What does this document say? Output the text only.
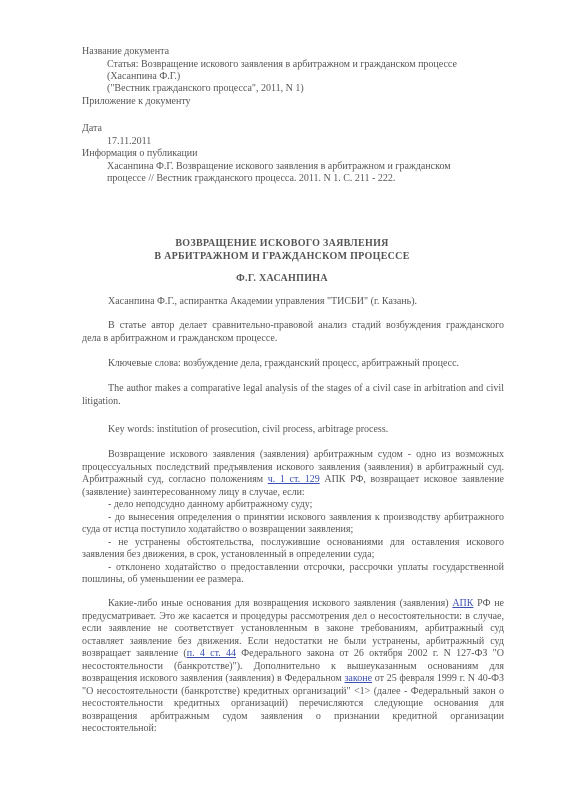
Название документа
Статья: Возвращение искового заявления в арбитражном и гражданском процессе
(Хасанпина Ф.Г.)
("Вестник гражданского процесса", 2011, N 1)
Приложение к документу
Дата
17.11.2011
Информация о публикации
Хасанпина Ф.Г. Возвращение искового заявления в арбитражном и гражданском
процессе // Вестник гражданского процесса. 2011. N 1. С. 211 - 222.
ВОЗВРАЩЕНИЕ ИСКОВОГО ЗАЯВЛЕНИЯ
В АРБИТРАЖНОМ И ГРАЖДАНСКОМ ПРОЦЕССЕ
Ф.Г. ХАСАНПИНА
Хасанпина Ф.Г., аспирантка Академии управления "ТИСБИ" (г. Казань).

В статье автор делает сравнительно-правовой анализ стадий возбуждения гражданского дела в арбитражном и гражданском процессе.

Ключевые слова: возбуждение дела, гражданский процесс, арбитражный процесс.

The author makes a comparative legal analysis of the stages of a civil case in arbitration and civil litigation.

Key words: institution of prosecution, civil process, arbitrage process.

Возвращение искового заявления (заявления) арбитражным судом - одно из возможных процессуальных последствий предъявления искового заявления (заявления) в арбитражный суд. Арбитражный суд, согласно положениям ч. 1 ст. 129 АПК РФ, возвращает исковое заявление (заявление) заинтересованному лицу в случае, если:

- дело неподсудно данному арбитражному суду;

- до вынесения определения о принятии искового заявления к производству арбитражного суда от истца поступило ходатайство о возвращении заявления;

- не устранены обстоятельства, послужившие основаниями для оставления искового заявления без движения, в срок, установленный в определении суда;

- отклонено ходатайство о предоставлении отсрочки, рассрочки уплаты государственной пошлины, об уменьшении ее размера.

Какие-либо иные основания для возвращения искового заявления (заявления) АПК РФ не предусматривает. Это же касается и процедуры рассмотрения дел о несостоятельности: в случае, если заявление не соответствует установленным в законе требованиям, арбитражный суд оставляет заявление без движения. Если недостатки не были устранены, арбитражный суд возвращает заявление (п. 4 ст. 44 Федерального закона от 26 октября 2002 г. N 127-ФЗ "О несостоятельности (банкротстве)"). Дополнительно к вышеуказанным основаниям для возвращения искового заявления (заявления) в Федеральном законе от 25 февраля 1999 г. N 40-ФЗ "О несостоятельности (банкротстве) кредитных организаций" <1> (далее - Федеральный закон о несостоятельности кредитных организаций) перечисляются следующие основания для возвращения арбитражным судом заявления о признании кредитной организации несостоятельной:
